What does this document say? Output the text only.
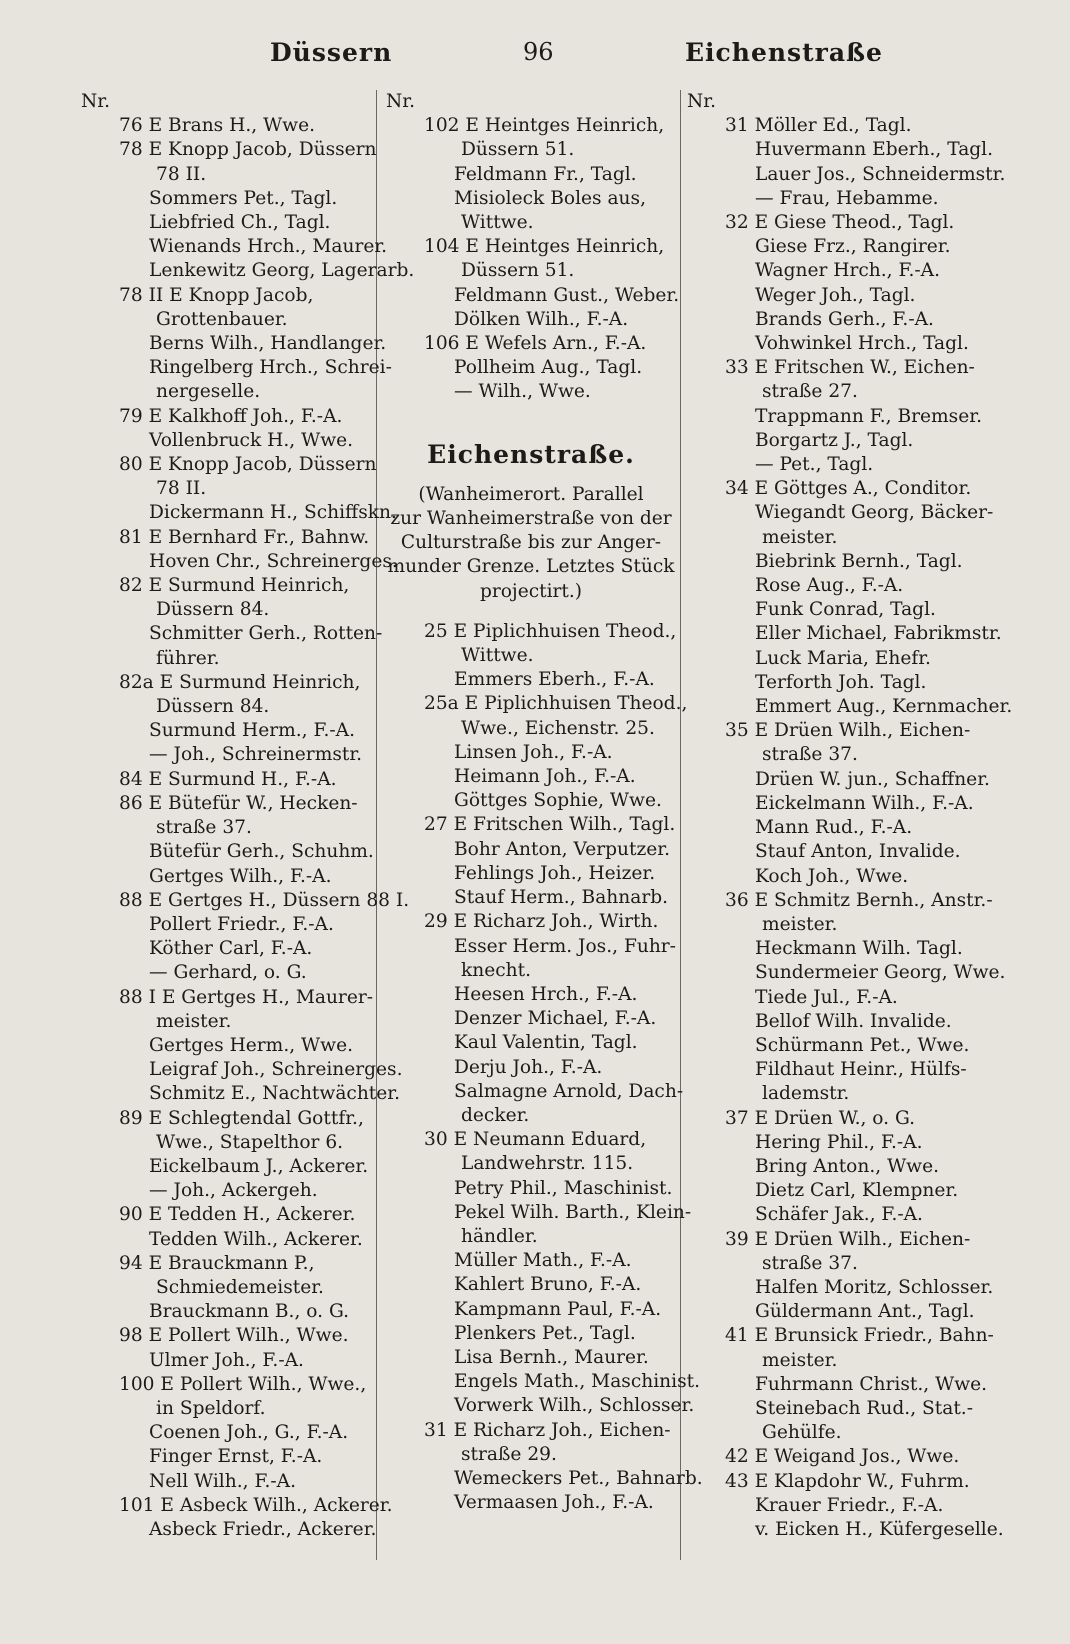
Düssern	96	Eichenstraße
Nr.
76 E Brans H., Wwe.
78 E Knopp Jacob, Düssern
78 II.
Sommers Pet., Tagl.
Liebfried Ch., Tagl.
Wienands Hrch., Maurer.
Lenkewitz Georg, Lagerarb.
78 II E Knopp Jacob,
Grottenbauer.
Berns Wilh., Handlanger.
Ringelberg Hrch., Schrei-
nergeselle.
79 E Kalkhoff Joh., F.-A.
Vollenbruck H., Wwe.
80 E Knopp Jacob, Düssern
78 II.
Dickermann H., Schiffskn.
81 E Bernhard Fr., Bahnw.
Hoven Chr., Schreinerges.
82 E Surmund Heinrich,
Düssern 84.
Schmitter Gerh., Rotten-
führer.
82a E Surmund Heinrich,
Düssern 84.
Surmund Herm., F.-A.
— Joh., Schreinermstr.
84 E Surmund H., F.-A.
86 E Bütefür W., Hecken-
straße 37.
Bütefür Gerh., Schuhm.
Gertges Wilh., F.-A.
88 E Gertges H., Düssern 88 I.
Pollert Friedr., F.-A.
Köther Carl, F.-A.
— Gerhard, o. G.
88 I E Gertges H., Maurer-
meister.
Gertges Herm., Wwe.
Leigraf Joh., Schreinerges.
Schmitz E., Nachtwächter.
89 E Schlegtendal Gottfr.,
Wwe., Stapelthor 6.
Eickelbaum J., Ackerer.
— Joh., Ackergeh.
90 E Tedden H., Ackerer.
Tedden Wilh., Ackerer.
94 E Brauckmann P.,
Schmiedemeister.
Brauckmann B., o. G.
98 E Pollert Wilh., Wwe.
Ulmer Joh., F.-A.
100 E Pollert Wilh., Wwe.,
in Speldorf.
Coenen Joh., G., F.-A.
Finger Ernst, F.-A.
Nell Wilh., F.-A.
101 E Asbeck Wilh., Ackerer.
Asbeck Friedr., Ackerer.
Nr.
102 E Heintges Heinrich,
Düssern 51.
Feldmann Fr., Tagl.
Misioleck Boles aus,
Wittwe.
104 E Heintges Heinrich,
Düssern 51.
Feldmann Gust., Weber.
Dölken Wilh., F.-A.
106 E Wefels Arn., F.-A.
Pollheim Aug., Tagl.
— Wilh., Wwe.
Eichenstraße.
(Wanheimerort. Parallel
zur Wanheimerstraße von der
Culturstraße bis zur Anger-
munder Grenze. Letztes Stück
projectirt.)
25 E Piplichhuisen Theod.,
Wittwe.
Emmers Eberh., F.-A.
25a E Piplichhuisen Theod.,
Wwe., Eichenstr. 25.
Linsen Joh., F.-A.
Heimann Joh., F.-A.
Göttges Sophie, Wwe.
27 E Fritschen Wilh., Tagl.
Bohr Anton, Verputzer.
Fehlings Joh., Heizer.
Stauf Herm., Bahnarb.
29 E Richarz Joh., Wirth.
Esser Herm. Jos., Fuhr-
knecht.
Heesen Hrch., F.-A.
Denzer Michael, F.-A.
Kaul Valentin, Tagl.
Derju Joh., F.-A.
Salmagne Arnold, Dach-
decker.
30 E Neumann Eduard,
Landwehrstr. 115.
Petry Phil., Maschinist.
Pekel Wilh. Barth., Klein-
händler.
Müller Math., F.-A.
Kahlert Bruno, F.-A.
Kampmann Paul, F.-A.
Plenkers Pet., Tagl.
Lisa Bernh., Maurer.
Engels Math., Maschinist.
Vorwerk Wilh., Schlosser.
31 E Richarz Joh., Eichen-
straße 29.
Wemeckers Pet., Bahnarb.
Vermaasen Joh., F.-A.
Nr.
31 Möller Ed., Tagl.
Huvermann Eberh., Tagl.
Lauer Jos., Schneidermstr.
— Frau, Hebamme.
32 E Giese Theod., Tagl.
Giese Frz., Rangirer.
Wagner Hrch., F.-A.
Weger Joh., Tagl.
Brands Gerh., F.-A.
Vohwinkel Hrch., Tagl.
33 E Fritschen W., Eichen-
straße 27.
Trappmann F., Bremser.
Borgartz J., Tagl.
— Pet., Tagl.
34 E Göttges A., Conditor.
Wiegandt Georg, Bäcker-
meister.
Biebrink Bernh., Tagl.
Rose Aug., F.-A.
Funk Conrad, Tagl.
Eller Michael, Fabrikmstr.
Luck Maria, Ehefr.
Terforth Joh. Tagl.
Emmert Aug., Kernmacher.
35 E Drüen Wilh., Eichen-
straße 37.
Drüen W. jun., Schaffner.
Eickelmann Wilh., F.-A.
Mann Rud., F.-A.
Stauf Anton, Invalide.
Koch Joh., Wwe.
36 E Schmitz Bernh., Anstr.-
meister.
Heckmann Wilh. Tagl.
Sundermeier Georg, Wwe.
Tiede Jul., F.-A.
Bellof Wilh. Invalide.
Schürmann Pet., Wwe.
Fildhaut Heinr., Hülfs-
lademstr.
37 E Drüen W., o. G.
Hering Phil., F.-A.
Bring Anton., Wwe.
Dietz Carl, Klempner.
Schäfer Jak., F.-A.
39 E Drüen Wilh., Eichen-
straße 37.
Halfen Moritz, Schlosser.
Güldermann Ant., Tagl.
41 E Brunsick Friedr., Bahn-
meister.
Fuhrmann Christ., Wwe.
Steinebach Rud., Stat.-
Gehülfe.
42 E Weigand Jos., Wwe.
43 E Klapdohr W., Fuhrm.
Krauer Friedr., F.-A.
v. Eicken H., Küfergeselle.
